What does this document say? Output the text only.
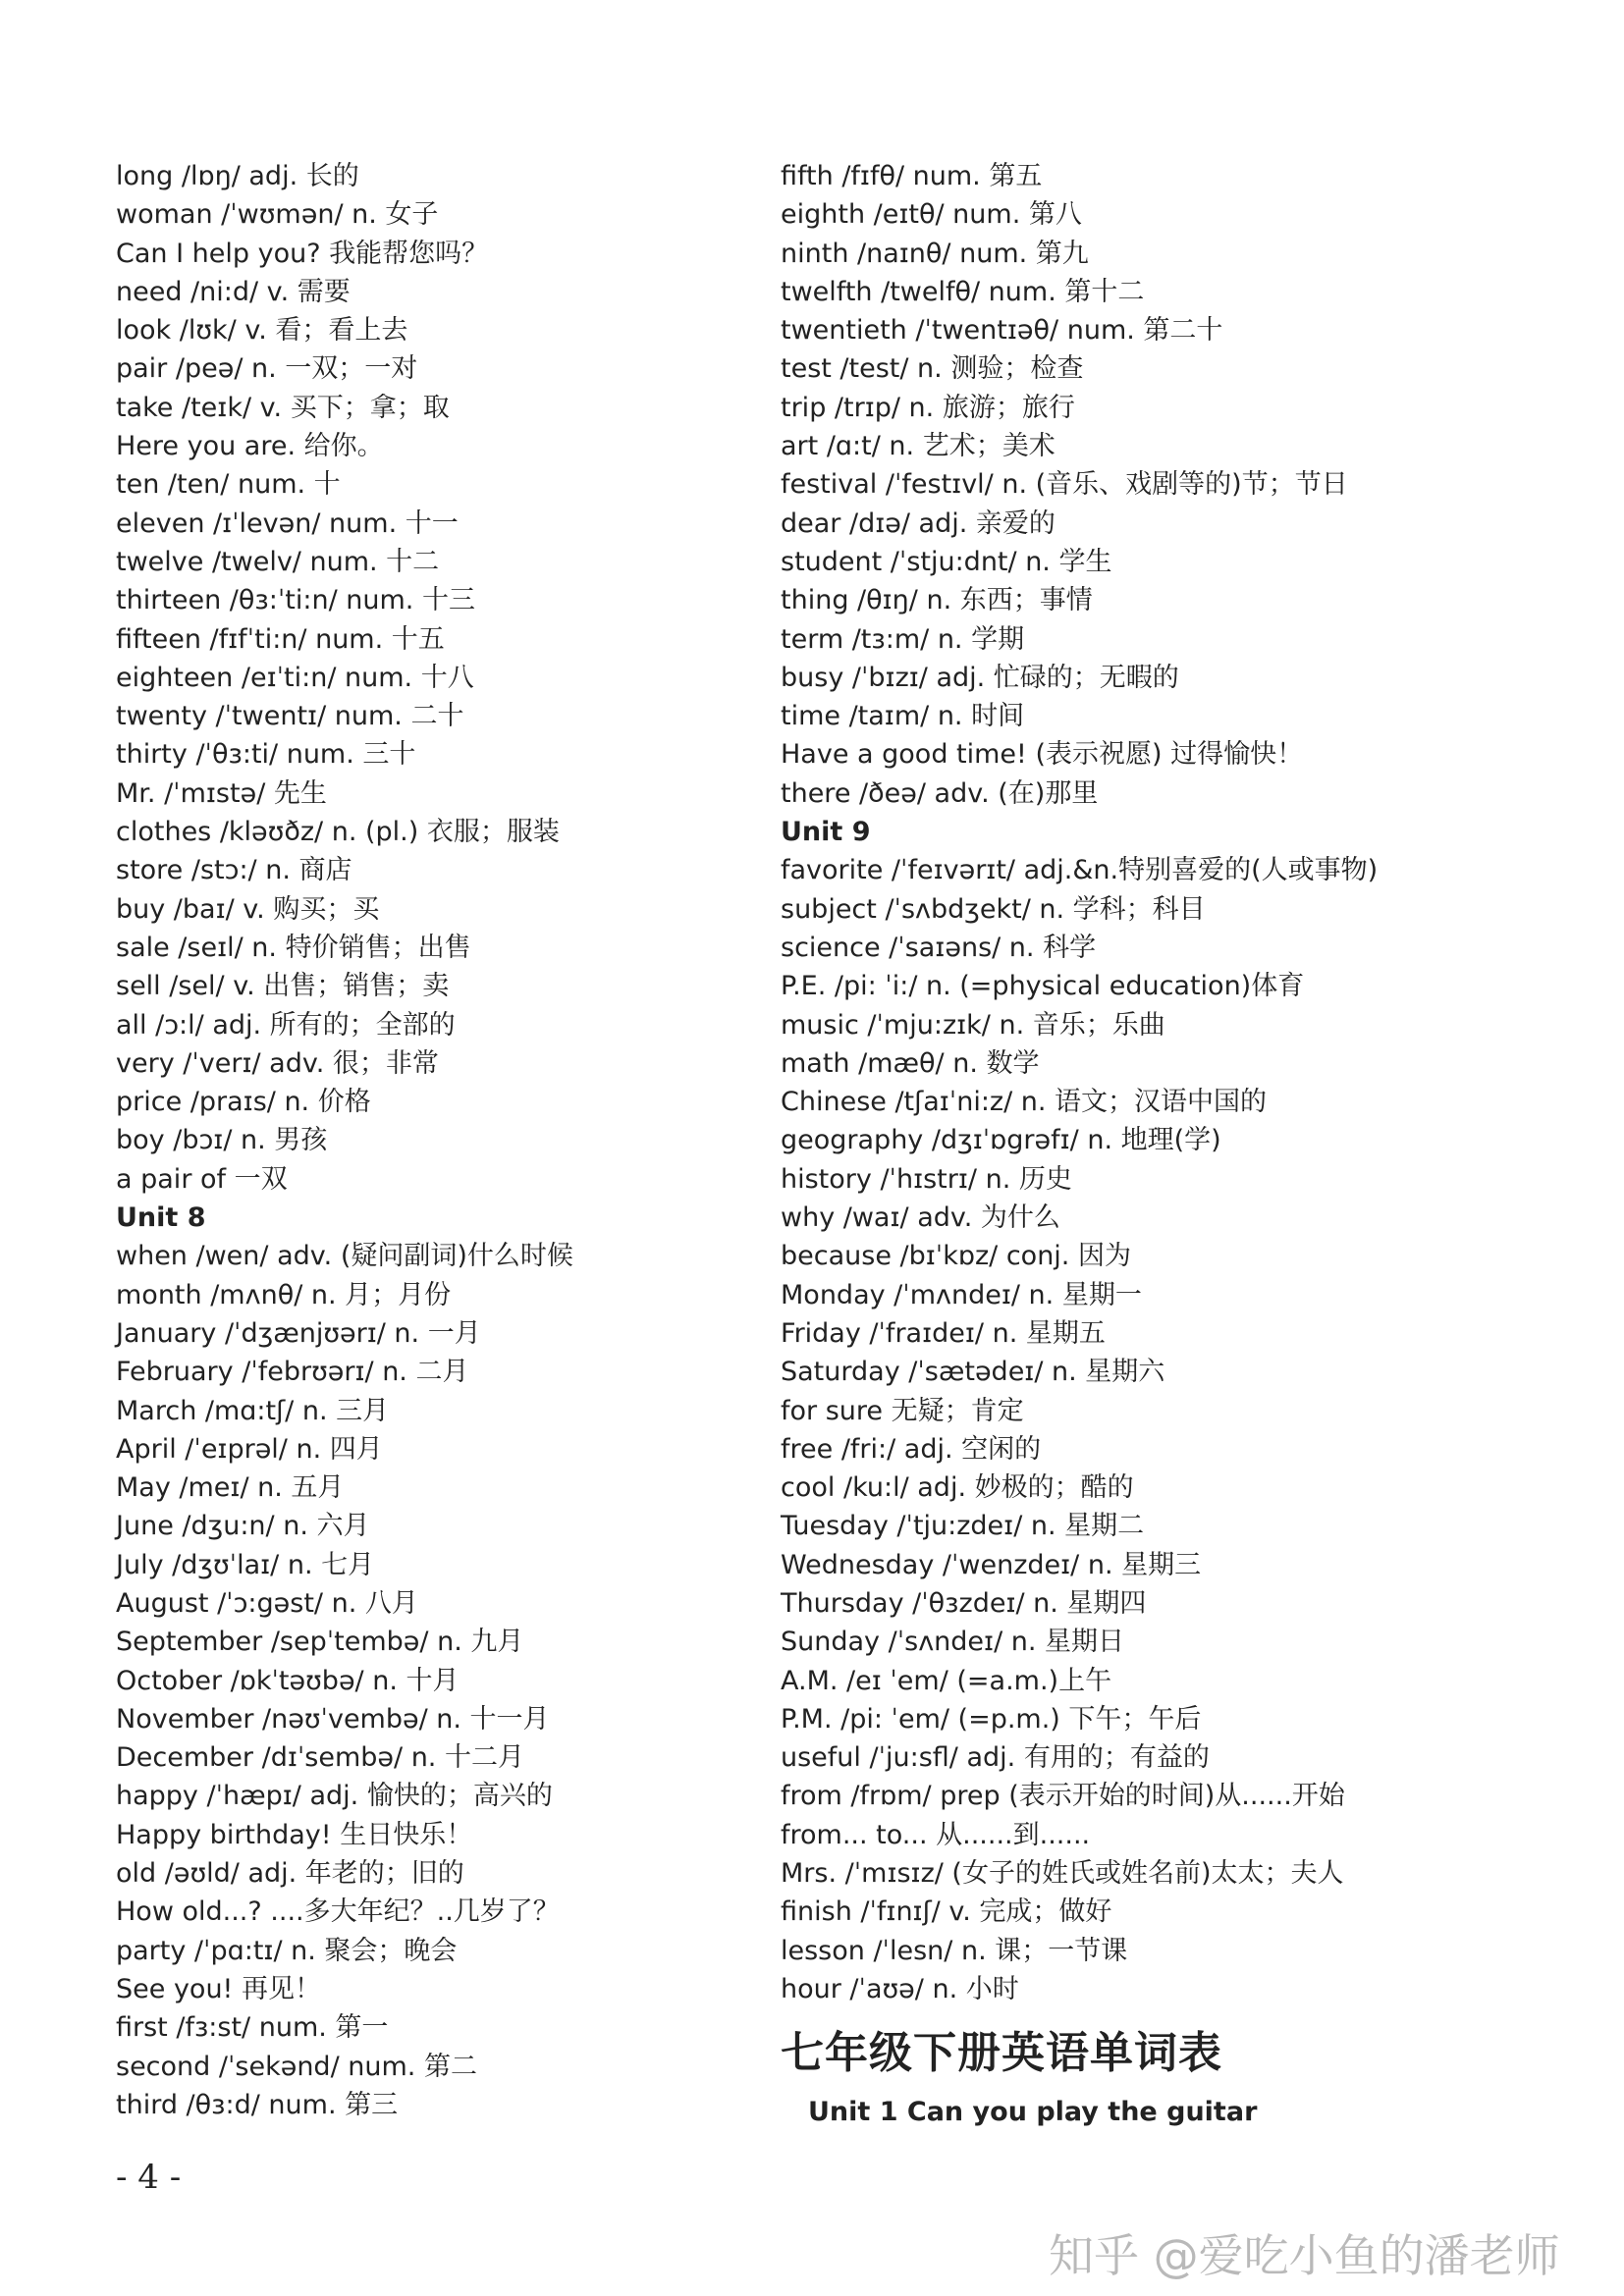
long /lɒŋ/ adj. 长的
woman /ˈwʊmən/ n. 女子
Can I help you? 我能帮您吗？
need /ni:d/ v. 需要
look /lʊk/ v. 看；看上去
pair /peə/ n. 一双；一对
take /teɪk/ v. 买下；拿；取
Here you are. 给你。
ten /ten/ num. 十
eleven /ɪˈlevən/ num. 十一
twelve /twelv/ num. 十二
thirteen /θɜ:ˈti:n/ num. 十三
fifteen /fɪfˈti:n/ num. 十五
eighteen /eɪˈti:n/ num. 十八
twenty /ˈtwentɪ/ num. 二十
thirty /ˈθɜ:ti/ num. 三十
Mr. /ˈmɪstə/ 先生
clothes /kləʊðz/ n. (pl.) 衣服；服装
store /stɔ:/ n. 商店
buy /baɪ/ v. 购买；买
sale /seɪl/ n. 特价销售；出售
sell /sel/ v. 出售；销售；卖
all /ɔ:l/ adj. 所有的；全部的
very /ˈverɪ/ adv. 很；非常
price /praɪs/ n. 价格
boy /bɔɪ/ n. 男孩
a pair of 一双
Unit 8
when /wen/ adv. (疑问副词)什么时候
month /mʌnθ/ n. 月；月份
January /ˈdʒænjʊərɪ/ n. 一月
February /ˈfebrʊərɪ/ n. 二月
March /mɑ:tʃ/ n. 三月
April /ˈeɪprəl/ n. 四月
May /meɪ/ n. 五月
June /dʒu:n/ n. 六月
July /dʒʊˈlaɪ/ n. 七月
August /ˈɔ:gəst/ n. 八月
September /sepˈtembə/ n. 九月
October /ɒkˈtəʊbə/ n. 十月
November /nəʊˈvembə/ n. 十一月
December /dɪˈsembə/ n. 十二月
happy /ˈhæpɪ/ adj. 愉快的；高兴的
Happy birthday! 生日快乐！
old /əʊld/ adj. 年老的；旧的
How old...? ....多大年纪？..几岁了？
party /ˈpɑ:tɪ/ n. 聚会；晚会
See you! 再见！
first /fɜ:st/ num. 第一
second /ˈsekənd/ num. 第二
third /θɜ:d/ num. 第三
fifth /fɪfθ/ num. 第五
eighth /eɪtθ/ num. 第八
ninth /naɪnθ/ num. 第九
twelfth /twelfθ/ num. 第十二
twentieth /ˈtwentɪəθ/ num. 第二十
test /test/ n. 测验；检查
trip /trɪp/ n. 旅游；旅行
art /ɑ:t/ n. 艺术；美术
festival /ˈfestɪvl/ n. (音乐、戏剧等的)节；节日
dear /dɪə/ adj. 亲爱的
student /ˈstju:dnt/ n. 学生
thing /θɪŋ/ n. 东西；事情
term /tɜ:m/ n. 学期
busy /ˈbɪzɪ/ adj. 忙碌的；无暇的
time /taɪm/ n. 时间
Have a good time! (表示祝愿) 过得愉快！
there /ðeə/ adv. (在)那里
Unit 9
favorite /ˈfeɪvərɪt/ adj.&n.特别喜爱的(人或事物)
subject /ˈsʌbdʒekt/ n. 学科；科目
science /ˈsaɪəns/ n. 科学
P.E. /pi: ˈi:/ n. (=physical education)体育
music /ˈmju:zɪk/ n. 音乐；乐曲
math /mæθ/ n. 数学
Chinese /tʃaɪˈni:z/ n. 语文；汉语中国的
geography /dʒɪˈɒgrəfɪ/ n. 地理(学)
history /ˈhɪstrɪ/ n. 历史
why /waɪ/ adv. 为什么
because /bɪˈkɒz/ conj. 因为
Monday /ˈmʌndeɪ/ n. 星期一
Friday /ˈfraɪdeɪ/ n. 星期五
Saturday /ˈsætədeɪ/ n. 星期六
for sure 无疑；肯定
free /fri:/ adj. 空闲的
cool /ku:l/ adj. 妙极的；酷的
Tuesday /ˈtju:zdeɪ/ n. 星期二
Wednesday /ˈwenzdeɪ/ n. 星期三
Thursday /ˈθɜzdeɪ/ n. 星期四
Sunday /ˈsʌndeɪ/ n. 星期日
A.M. /eɪ ˈem/ (=a.m.)上午
P.M. /pi: ˈem/ (=p.m.) 下午；午后
useful /ˈju:sfl/ adj. 有用的；有益的
from /frɒm/ prep (表示开始的时间)从......开始
from... to... 从......到......
Mrs. /ˈmɪsɪz/ (女子的姓氏或姓名前)太太；夫人
finish /ˈfɪnɪʃ/ v. 完成；做好
lesson /ˈlesn/ n. 课；一节课
hour /ˈaʊə/ n. 小时
七年级下册英语单词表
Unit 1 Can you play the guitar
- 4 -
知乎 @爱吃小鱼的潘老师
